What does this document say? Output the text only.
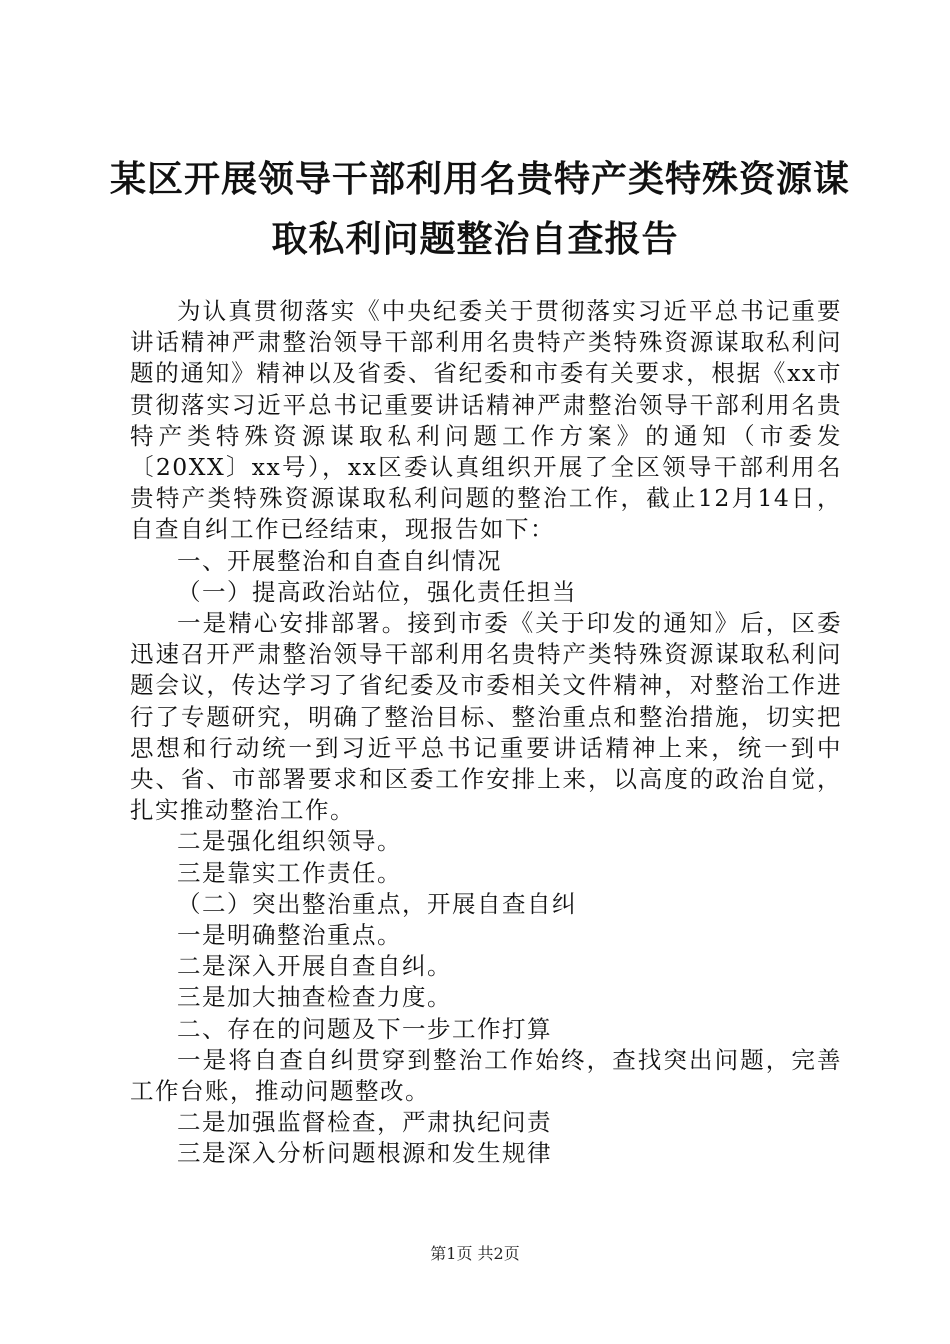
某区开展领导干部利用名贵特产类特殊资源谋
取私利问题整治自查报告

为认真贯彻落实《中央纪委关于贯彻落实习近平总书记重要讲话精神严肃整治领导干部利用名贵特产类特殊资源谋取私利问题的通知》精神以及省委、省纪委和市委有关要求，根据《xx市贯彻落实习近平总书记重要讲话精神严肃整治领导干部利用名贵特产类特殊资源谋取私利问题工作方案》的通知（市委发〔20XX〕xx号），xx区委认真组织开展了全区领导干部利用名贵特产类特殊资源谋取私利问题的整治工作，截止12月14日，自查自纠工作已经结束，现报告如下：

一、开展整治和自查自纠情况

（一）提高政治站位，强化责任担当

一是精心安排部署。接到市委《关于印发的通知》后，区委迅速召开严肃整治领导干部利用名贵特产类特殊资源谋取私利问题会议，传达学习了省纪委及市委相关文件精神，对整治工作进行了专题研究，明确了整治目标、整治重点和整治措施，切实把思想和行动统一到习近平总书记重要讲话精神上来，统一到中央、省、市部署要求和区委工作安排上来，以高度的政治自觉，扎实推动整治工作。

二是强化组织领导。

三是靠实工作责任。

（二）突出整治重点，开展自查自纠

一是明确整治重点。

二是深入开展自查自纠。

三是加大抽查检查力度。

二、存在的问题及下一步工作打算

一是将自查自纠贯穿到整治工作始终，查找突出问题，完善工作台账，推动问题整改。

二是加强监督检查，严肃执纪问责

三是深入分析问题根源和发生规律

第1页 共2页
